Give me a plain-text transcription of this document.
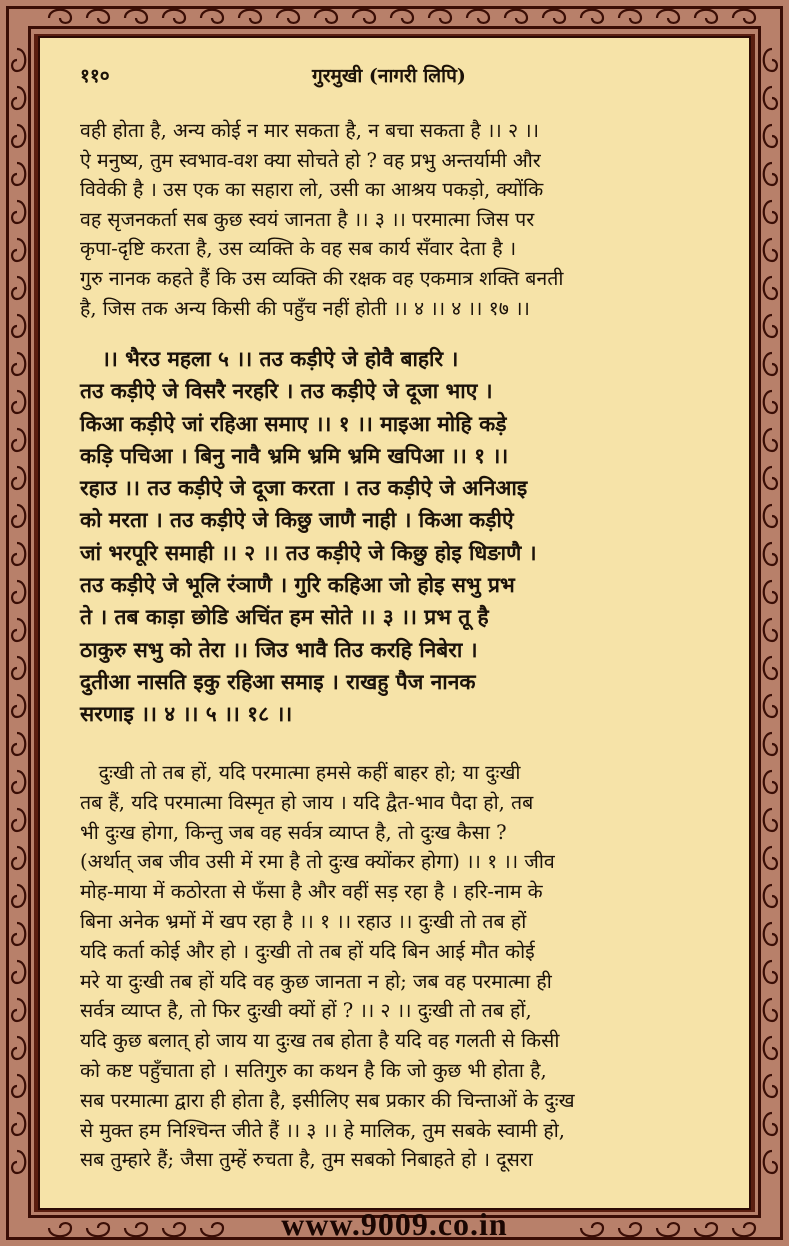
११०	गुरमुखी (नागरी लिपि)
वही होता है, अन्य कोई न मार सकता है, न बचा सकता है ।। २ ।।
ऐ मनुष्य, तुम स्वभाव-वश क्या सोचते हो ? वह प्रभु अन्तर्यामी और
विवेकी है । उस एक का सहारा लो, उसी का आश्रय पकड़ो, क्योंकि
वह सृजनकर्ता सब कुछ स्वयं जानता है ।। ३ ।। परमात्मा जिस पर
कृपा-दृष्टि करता है, उस व्यक्ति के वह सब कार्य सँवार देता है ।
गुरु नानक कहते हैं कि उस व्यक्ति की रक्षक वह एकमात्र शक्ति बनती
है, जिस तक अन्य किसी की पहुँच नहीं होती ।। ४ ।। ४ ।। १७ ।।
।। भैरउ महला ५ ।। तउ कड़ीऐ जे होवै बाहरि ।
तउ कड़ीऐ जे विसरै नरहरि । तउ कड़ीऐ जे दूजा भाए ।
किआ कड़ीऐ जां रहिआ समाए ।। १ ।। माइआ मोहि कड़े
कड़ि पचिआ । बिनु नावै भ्रमि भ्रमि भ्रमि खपिआ ।। १ ।।
रहाउ ।। तउ कड़ीऐ जे दूजा करता । तउ कड़ीऐ जे अनिआइ
को मरता । तउ कड़ीऐ जे किछु जाणै नाही । किआ कड़ीऐ
जां भरपूरि समाही ।। २ ।। तउ कड़ीऐ जे किछु होइ धिङाणै ।
तउ कड़ीऐ जे भूलि रंञाणै । गुरि कहिआ जो होइ सभु प्रभ
ते । तब काड़ा छोडि अचिंत हम सोते ।। ३ ।। प्रभ तू है
ठाकुरु सभु को तेरा ।। जिउ भावै तिउ करहि निबेरा ।
दुतीआ नासति इकु रहिआ समाइ । राखहु पैज नानक
सरणाइ ।। ४ ।। ५ ।। १८ ।।
दुःखी तो तब हों, यदि परमात्मा हमसे कहीं बाहर हो; या दुःखी
तब हैं, यदि परमात्मा विस्मृत हो जाय । यदि द्वैत-भाव पैदा हो, तब
भी दुःख होगा, किन्तु जब वह सर्वत्र व्याप्त है, तो दुःख कैसा ?
(अर्थात् जब जीव उसी में रमा है तो दुःख क्योंकर होगा) ।। १ ।। जीव
मोह-माया में कठोरता से फँसा है और वहीं सड़ रहा है । हरि-नाम के
बिना अनेक भ्रमों में खप रहा है ।। १ ।। रहाउ ।। दुःखी तो तब हों
यदि कर्ता कोई और हो । दुःखी तो तब हों यदि बिन आई मौत कोई
मरे या दुःखी तब हों यदि वह कुछ जानता न हो; जब वह परमात्मा ही
सर्वत्र व्याप्त है, तो फिर दुःखी क्यों हों ? ।। २ ।। दुःखी तो तब हों,
यदि कुछ बलात् हो जाय या दुःख तब होता है यदि वह गलती से किसी
को कष्ट पहुँचाता हो । सतिगुरु का कथन है कि जो कुछ भी होता है,
सब परमात्मा द्वारा ही होता है, इसीलिए सब प्रकार की चिन्ताओं के दुःख
से मुक्त हम निश्चिन्त जीते हैं ।। ३ ।। हे मालिक, तुम सबके स्वामी हो,
सब तुम्हारे हैं; जैसा तुम्हें रुचता है, तुम सबको निबाहते हो । दूसरा
www.9009.co.in
